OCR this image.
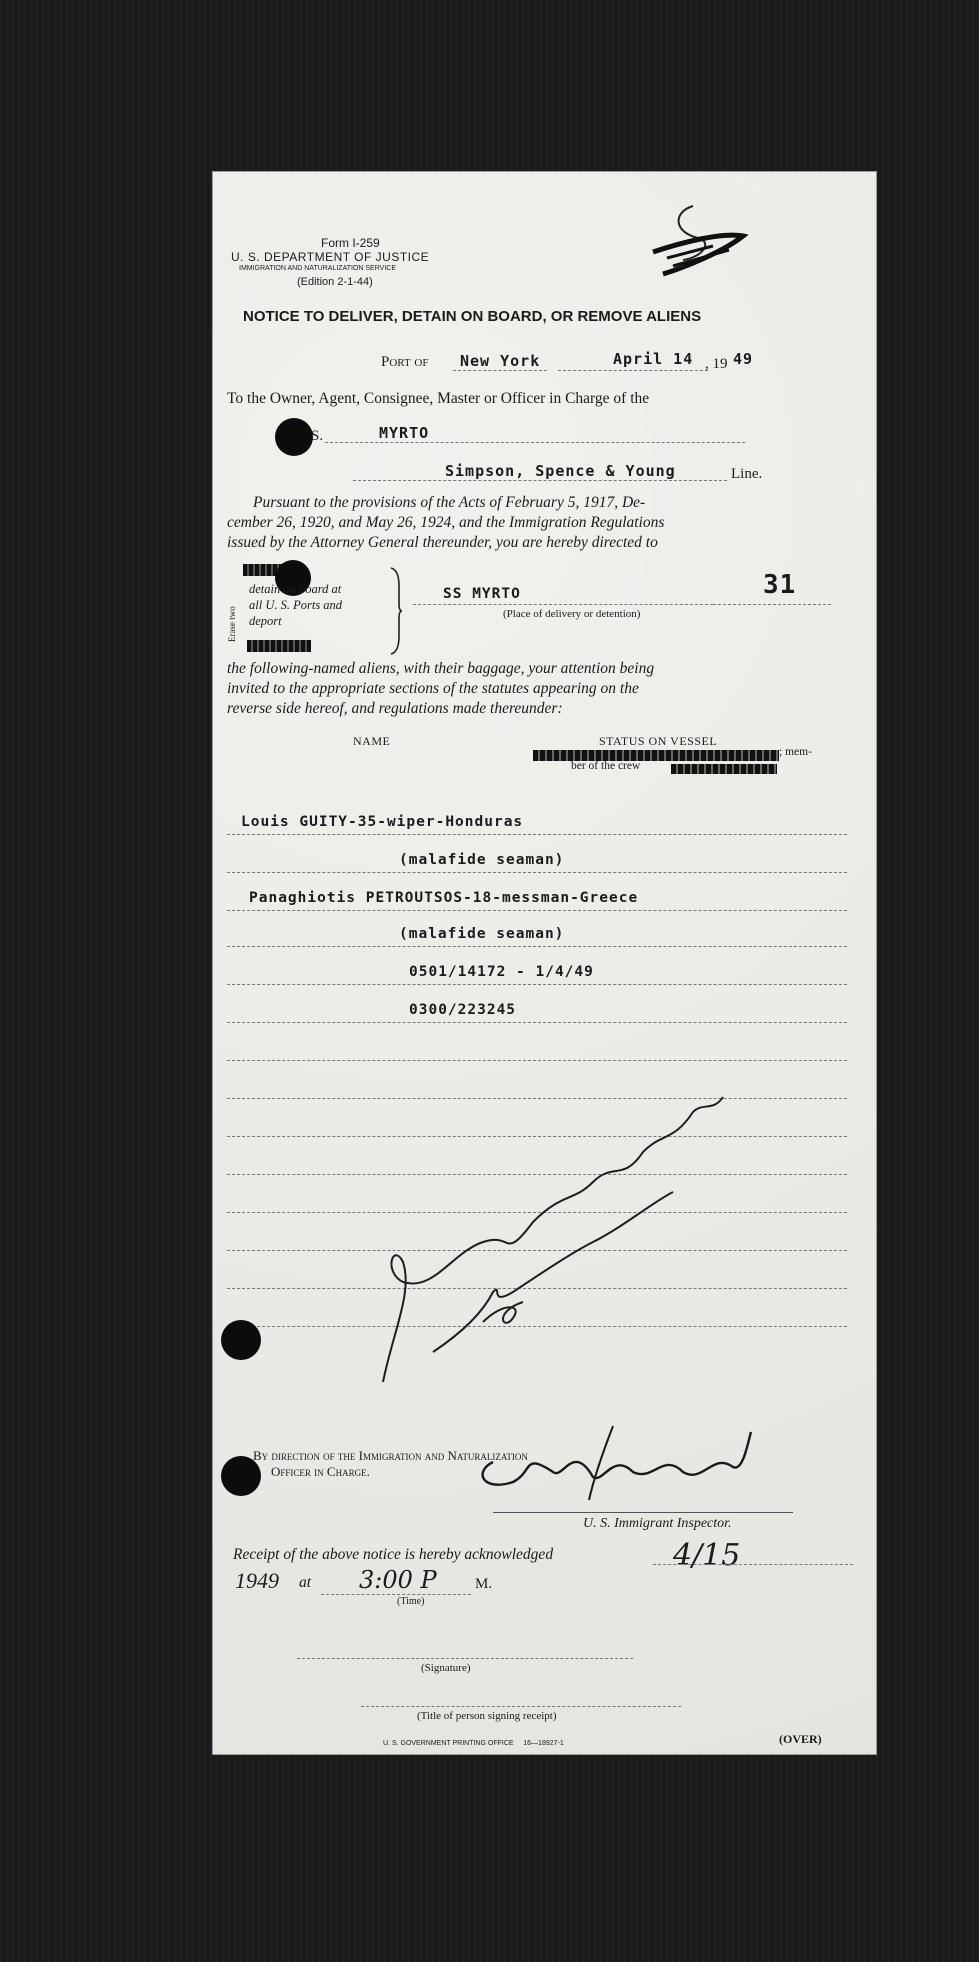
Form I-259
U. S. DEPARTMENT OF JUSTICE
IMMIGRATION AND NATURALIZATION SERVICE
(Edition 2-1-44)
NOTICE TO DELIVER, DETAIN ON BOARD, OR REMOVE ALIENS
Port of New York	April 14 , 19 49
To the Owner, Agent, Consignee, Master or Officer in Charge of the
S.	MYRTO
Simpson, Spence & Young	Line.
Pursuant to the provisions of the Acts of February 5, 1917, De-
cember 26, 1920, and May 26, 1924, and the Immigration Regulations
issued by the Attorney General thereunder, you are hereby directed to
Erase two
detain on board at
all U. S. Ports and
deport
SS MYRTO	31
(Place of delivery or detention)
the following-named aliens, with their baggage, your attention being
invited to the appropriate sections of the statutes appearing on the
reverse side hereof, and regulations made thereunder:
NAME	STATUS ON VESSEL
; mem-
ber of the crew
Louis GUITY-35-wiper-Honduras
(malafide seaman)
Panaghiotis PETROUTSOS-18-messman-Greece
(malafide seaman)
0501/14172 - 1/4/49
0300/223245
By direction of the Immigration and Naturalization
Officer in Charge.
U. S. Immigrant Inspector.
Receipt of the above notice is hereby acknowledged	4/15
1949 at 3:00 P	M.
(Time)
(Signature)
(Title of person signing receipt)
U. S. GOVERNMENT PRINTING OFFICE     16—18927-1	(OVER)
